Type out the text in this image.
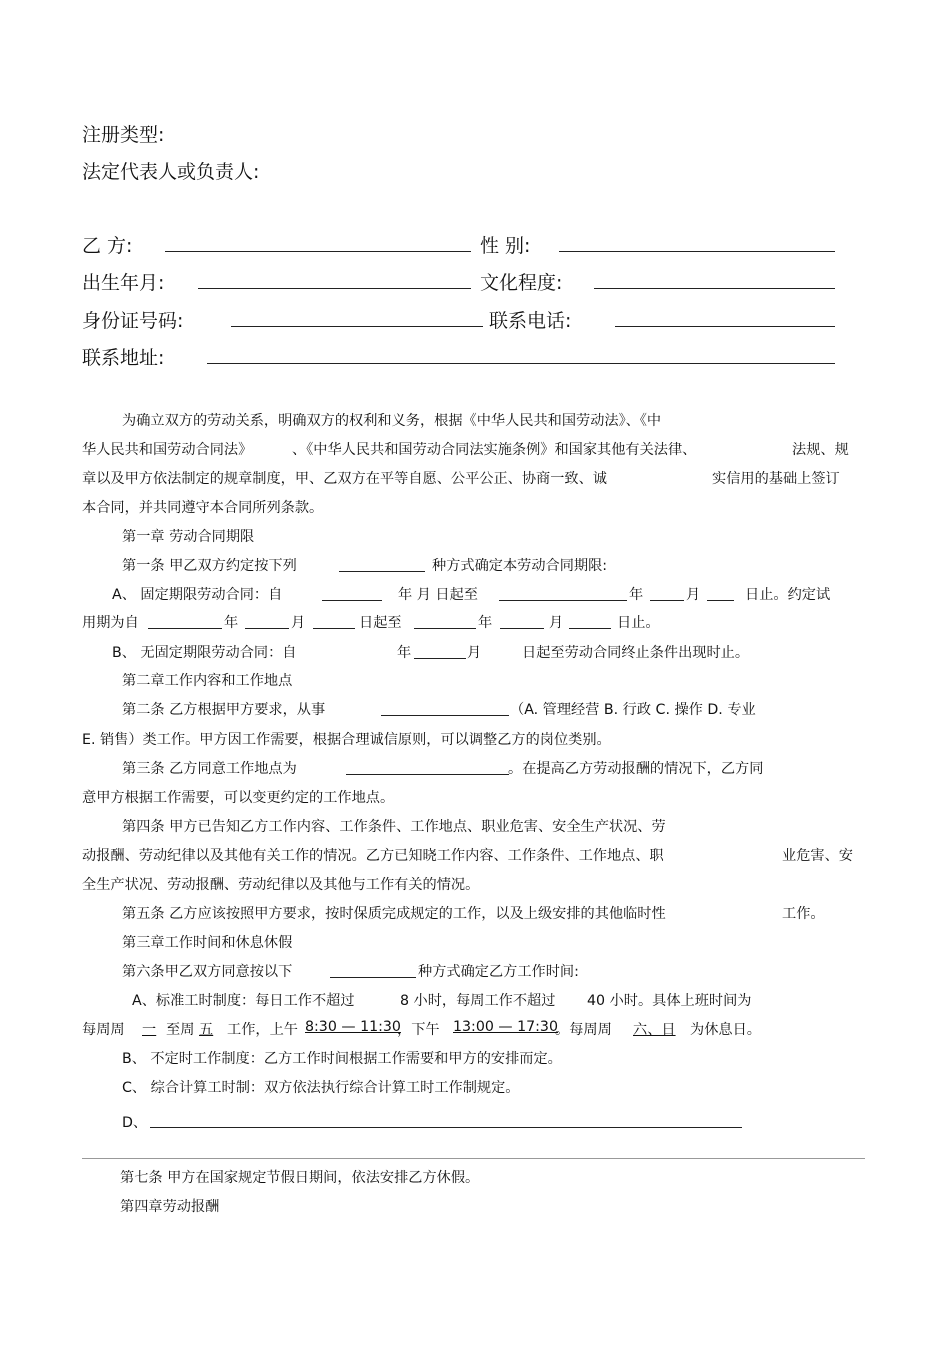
注册类型:
法定代表人或负责人:
乙 方:	性 别:
出生年月:	文化程度:
身份证号码:	联系电话:
联系地址:
为确立双方的劳动关系，明确双方的权利和义务，根据《中华人民共和国劳动法》、《中
华人民共和国劳动合同法》	、《中华人民共和国劳动合同法实施条例》和国家其他有关法律、	法规、规
章以及甲方依法制定的规章制度，甲、乙双方在平等自愿、公平公正、协商一致、诚	实信用的基础上签订
本合同，并共同遵守本合同所列条款。
第一章 劳动合同期限
第一条 甲乙双方约定按下列	种方式确定本劳动合同期限:
A、 固定期限劳动合同：自	年 月 日起至	年	月	日止。约定试
用期为自	年	月	日起至	年	月	日止。
B、 无固定期限劳动合同：自	年	月	日起至劳动合同终止条件出现时止。
第二章工作内容和工作地点
第二条 乙方根据甲方要求，从事	（A. 管理经营 B. 行政 C. 操作 D. 专业
E. 销售）类工作。甲方因工作需要，根据合理诚信原则，可以调整乙方的岗位类别。
第三条 乙方同意工作地点为	。在提高乙方劳动报酬的情况下，乙方同
意甲方根据工作需要，可以变更约定的工作地点。
第四条 甲方已告知乙方工作内容、工作条件、工作地点、职业危害、安全生产状况、劳
动报酬、劳动纪律以及其他有关工作的情况。乙方已知晓工作内容、工作条件、工作地点、职	业危害、安
全生产状况、劳动报酬、劳动纪律以及其他与工作有关的情况。
第五条 乙方应该按照甲方要求，按时保质完成规定的工作，以及上级安排的其他临时性	工作。
第三章工作时间和休息休假
第六条甲乙双方同意按以下	种方式确定乙方工作时间:
A、标准工时制度：每日工作不超过	8 小时，每周工作不超过 40 小时。具体上班时间为
每周周 一 至周 五 工作，上午 8:30 — 11:30
，下午 13:00 — 17:30
。每周周 六、日 为休息日。
B、 不定时工作制度：乙方工作时间根据工作需要和甲方的安排而定。
C、 综合计算工时制：双方依法执行综合计算工时工作制规定。
D、
第七条 甲方在国家规定节假日期间，依法安排乙方休假。
第四章劳动报酬
